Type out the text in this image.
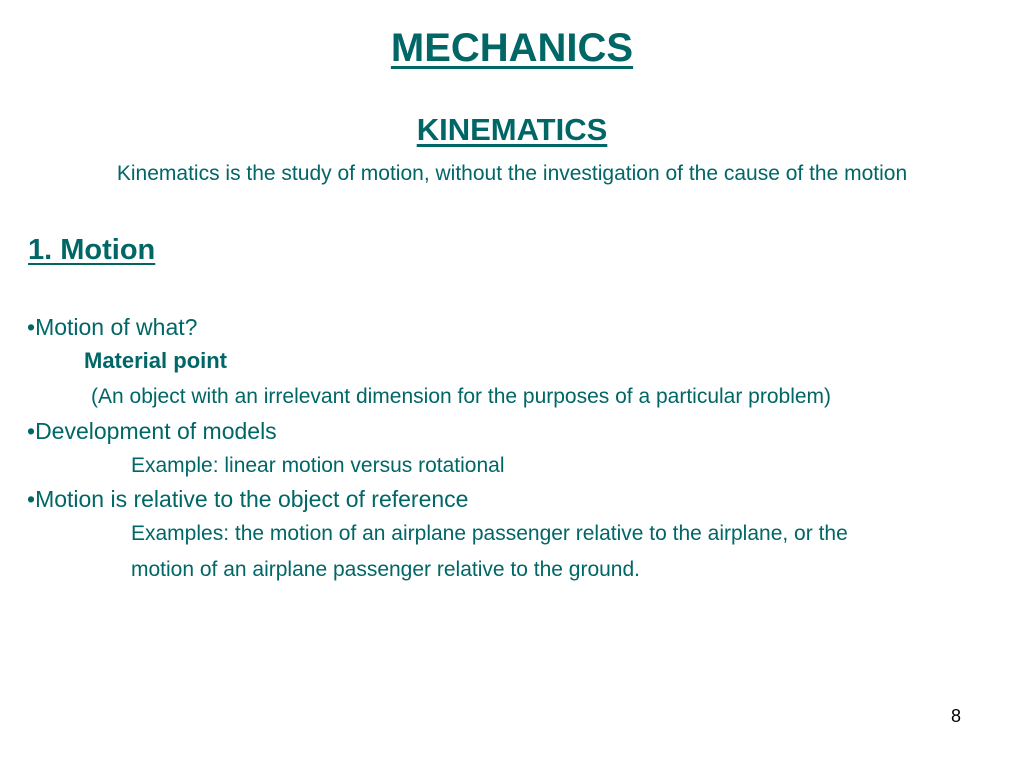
MECHANICS
KINEMATICS
Kinematics is the study of motion, without the investigation of the cause of the motion
1. Motion
•Motion of what?
Material point
(An object with an irrelevant dimension for the purposes of a particular problem)
•Development of models
Example: linear motion versus rotational
•Motion is relative to the object of reference
Examples: the motion of an airplane passenger relative to the airplane, or the
motion of an airplane passenger relative to the ground.
8
